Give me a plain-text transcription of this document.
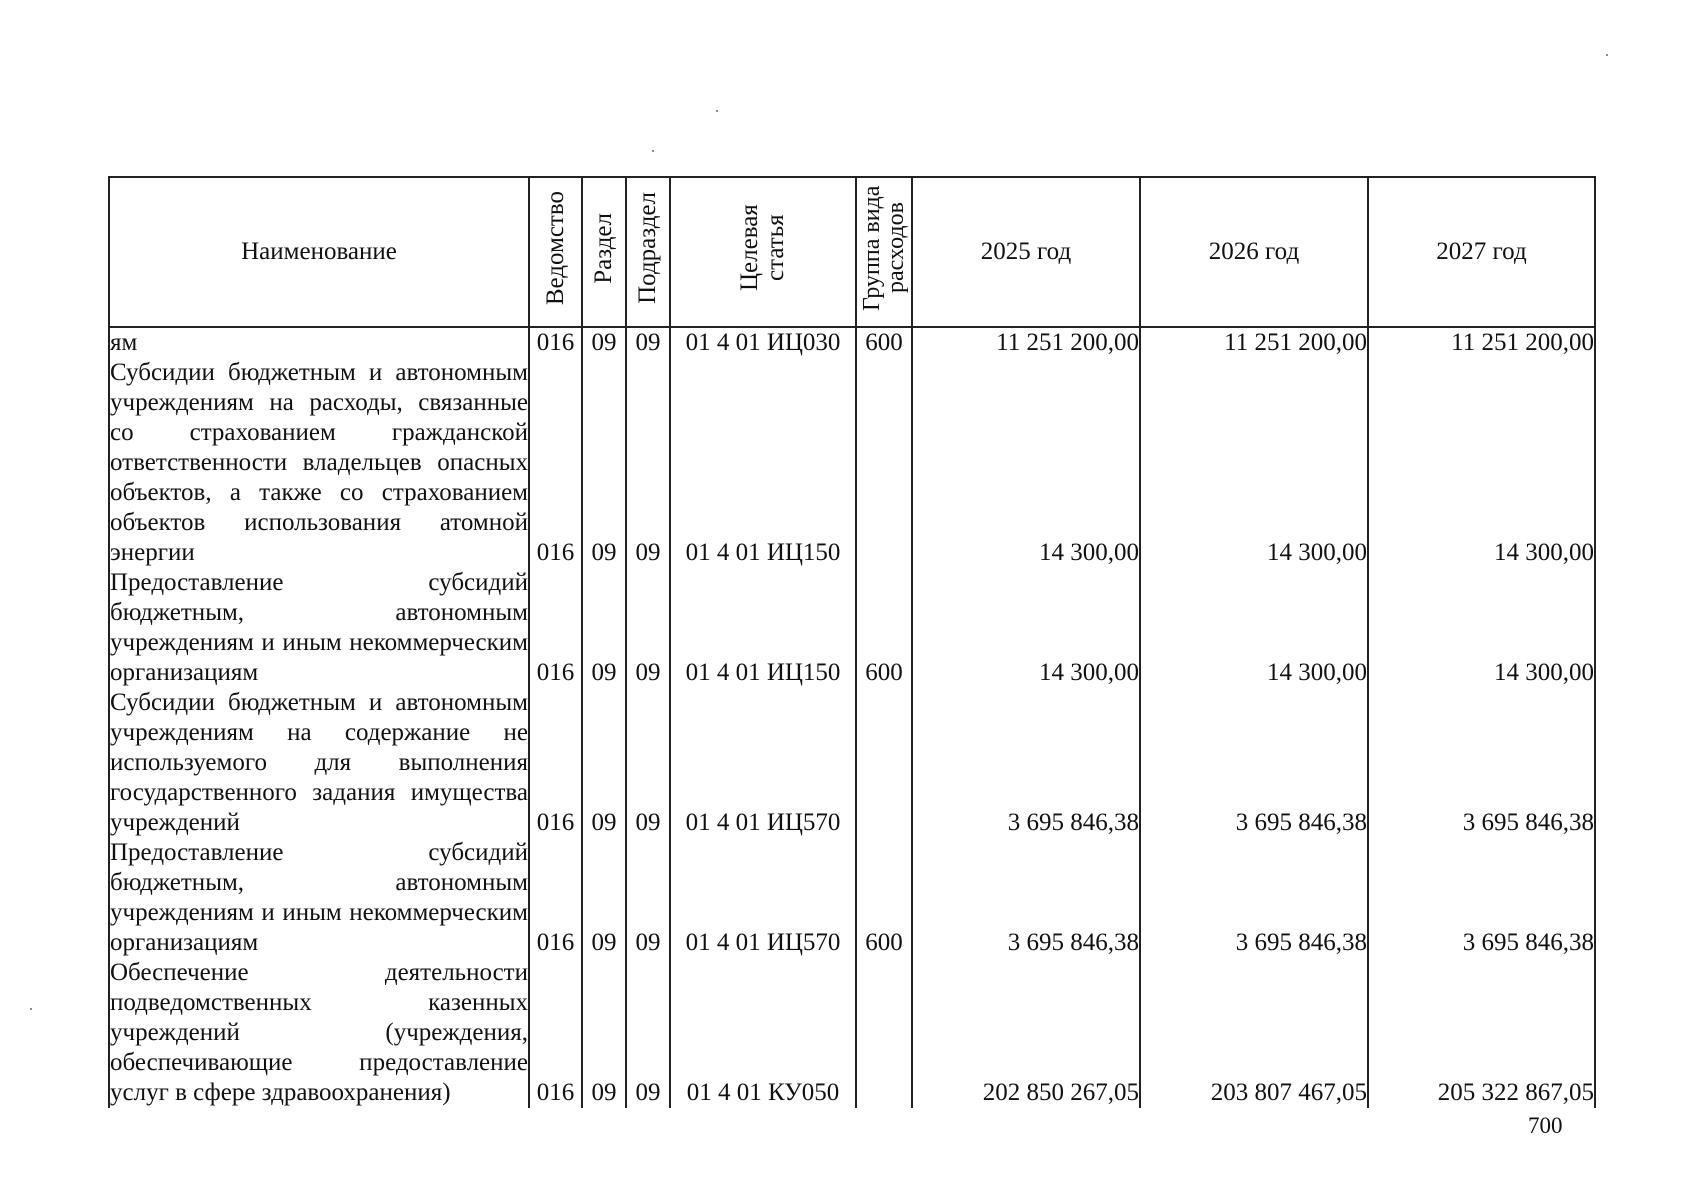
Наименование	Ведомство	Раздел	Подраздел	Целевая статья	Группа вида расходов	2025 год	2026 год	2027 год
ям	016	09	09	01 4 01 ИЦ030	600	11 251 200,00	11 251 200,00	11 251 200,00
Субсидии бюджетным и автономным учреждениям на расходы, связанные со страхованием гражданской ответственности владельцев опасных объектов, а также со страхованием объектов использования атомной энергии	016	09	09	01 4 01 ИЦ150		14 300,00	14 300,00	14 300,00
Предоставление субсидий бюджетным, автономным учреждениям и иным некоммерческим организациям	016	09	09	01 4 01 ИЦ150	600	14 300,00	14 300,00	14 300,00
Субсидии бюджетным и автономным учреждениям на содержание не используемого для выполнения государственного задания имущества учреждений	016	09	09	01 4 01 ИЦ570		3 695 846,38	3 695 846,38	3 695 846,38
Предоставление субсидий бюджетным, автономным учреждениям и иным некоммерческим организациям	016	09	09	01 4 01 ИЦ570	600	3 695 846,38	3 695 846,38	3 695 846,38
Обеспечение деятельности подведомственных казенных учреждений (учреждения, обеспечивающие предоставление услуг в сфере здравоохранения)	016	09	09	01 4 01 КУ050		202 850 267,05	203 807 467,05	205 322 867,05
700
